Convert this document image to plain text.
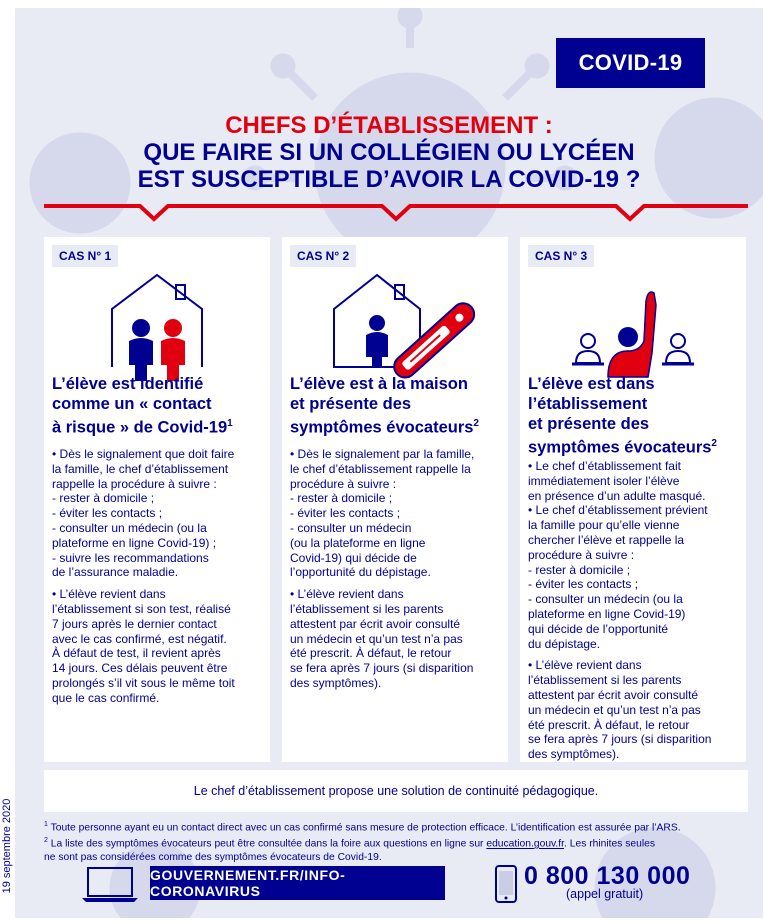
19 septembre 2020
COVID-19
CHEFS D’ÉTABLISSEMENT :
QUE FAIRE SI UN COLLÉGIEN OU LYCÉEN
EST SUSCEPTIBLE D’AVOIR LA COVID-19 ?
CAS N° 1
L’élève est identifié
comme un « contact
à risque » de Covid-$19^1$

• Dès le signalement que doit faire
la famille, le chef d’établissement
rappelle la procédure à suivre :
- rester à domicile ;
- éviter les contacts ;
- consulter un médecin (ou la
plateforme en ligne Covid-19) ;
- suivre les recommandations
de l’assurance maladie.

• L’élève revient dans
l’établissement si son test, réalisé
7 jours après le dernier contact
avec le cas confirmé, est négatif.
À défaut de test, il revient après
14 jours. Ces délais peuvent être
prolongés s’il vit sous le même toit
que le cas confirmé.

CAS N° 2
L’élève est à la maison
et présente des
symptômes évocateurs$^2$

• Dès le signalement par la famille,
le chef d’établissement rappelle la
procédure à suivre :
- rester à domicile ;
- éviter les contacts ;
- consulter un médecin
(ou la plateforme en ligne
Covid-19) qui décide de
l’opportunité du dépistage.

• L’élève revient dans
l’établissement si les parents
attestent par écrit avoir consulté
un médecin et qu’un test n’a pas
été prescrit. À défaut, le retour
se fera après 7 jours (si disparition
des symptômes).

CAS N° 3
L’élève est dans
l’établissement
et présente des
symptômes évocateurs$^2$

• Le chef d’établissement fait
immédiatement isoler l’élève
en présence d’un adulte masqué.
• Le chef d’établissement prévient
la famille pour qu’elle vienne
chercher l’élève et rappelle la
procédure à suivre :
- rester à domicile ;
- éviter les contacts ;
- consulter un médecin (ou la
plateforme en ligne Covid-19)
qui décide de l’opportunité
du dépistage.

• L’élève revient dans
l’établissement si les parents
attestent par écrit avoir consulté
un médecin et qu’un test n’a pas
été prescrit. À défaut, le retour
se fera après 7 jours (si disparition
des symptômes).

Le chef d’établissement propose une solution de continuité pédagogique.
$^1$ Toute personne ayant eu un contact direct avec un cas confirmé sans mesure de protection efficace. L’identification est assurée par l’ARS.
$^2$ La liste des symptômes évocateurs peut être consultée dans la foire aux questions en ligne sur education.gouv.fr. Les rhinites seules
ne sont pas considérées comme des symptômes évocateurs de Covid-19.
GOUVERNEMENT.FR/INFO-CORONAVIRUS
0 800 130 000
(appel gratuit)
